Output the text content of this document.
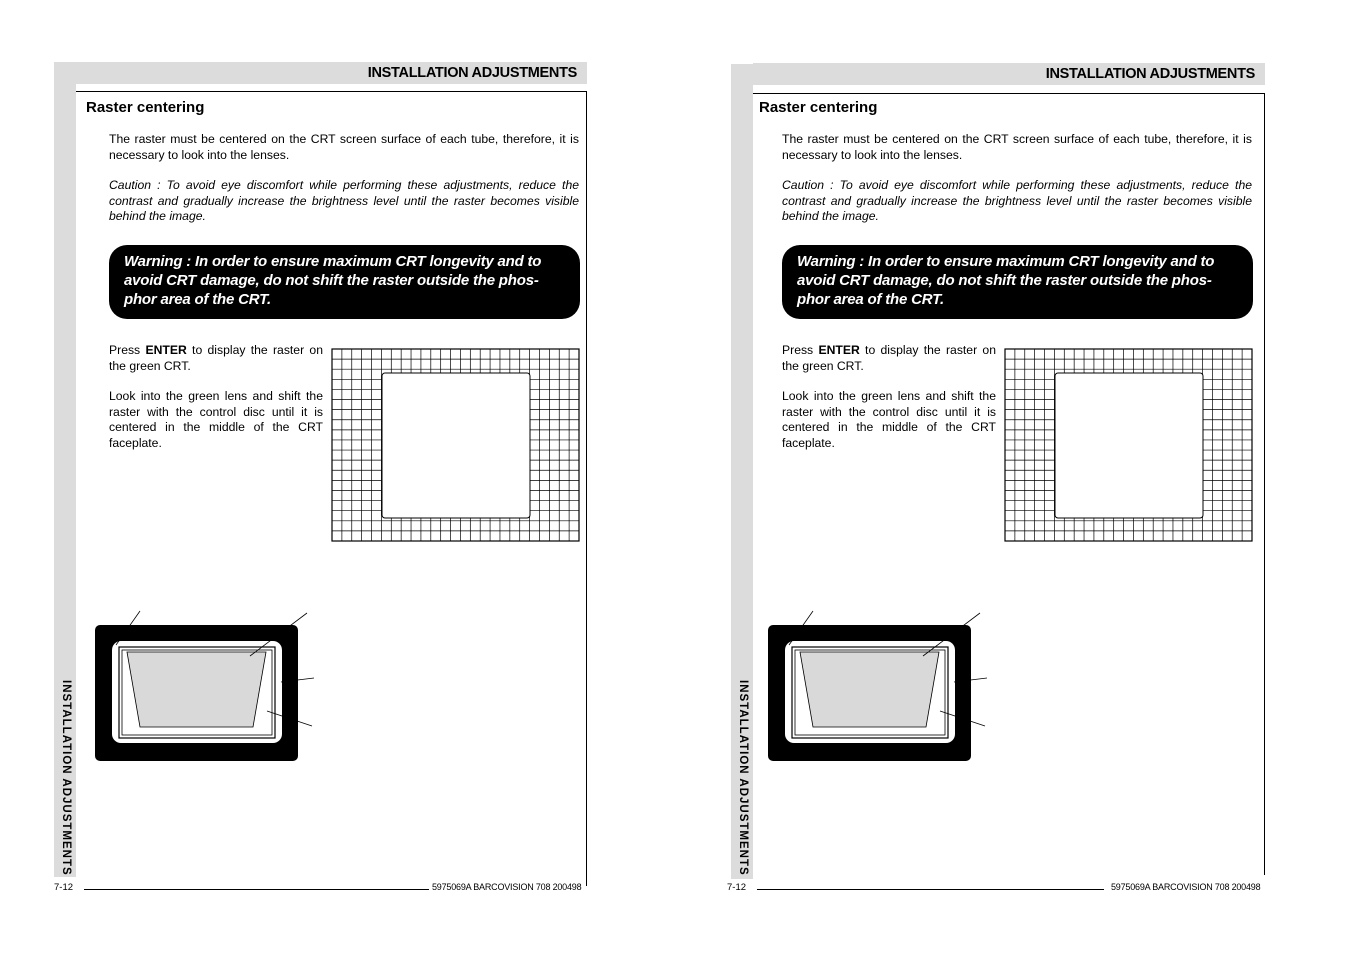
INSTALLATION ADJUSTMENTS
INSTALLATION ADJUSTMENTS
Raster centering
The raster must be centered on the CRT screen surface of each tube, therefore, it is necessary to look into the lenses.
Caution : To avoid eye discomfort while performing these adjustments, reduce the contrast and gradually increase the brightness level until the raster becomes visible behind the image.
Warning : In order to ensure maximum CRT longevity and to avoid CRT damage, do not shift the raster outside the phos-phor area of the CRT.
Press ENTER to display the raster on the green CRT.
Look into the green lens and shift the raster with the control disc until it is centered in the middle of the CRT faceplate.
7-12	5975069A BARCOVISION 708 200498
INSTALLATION ADJUSTMENTS
INSTALLATION ADJUSTMENTS
Raster centering
The raster must be centered on the CRT screen surface of each tube, therefore, it is necessary to look into the lenses.
Caution : To avoid eye discomfort while performing these adjustments, reduce the contrast and gradually increase the brightness level until the raster becomes visible behind the image.
Warning : In order to ensure maximum CRT longevity and to avoid CRT damage, do not shift the raster outside the phos-phor area of the CRT.
Press ENTER to display the raster on the green CRT.
Look into the green lens and shift the raster with the control disc until it is centered in the middle of the CRT faceplate.
7-12	5975069A BARCOVISION 708 200498
